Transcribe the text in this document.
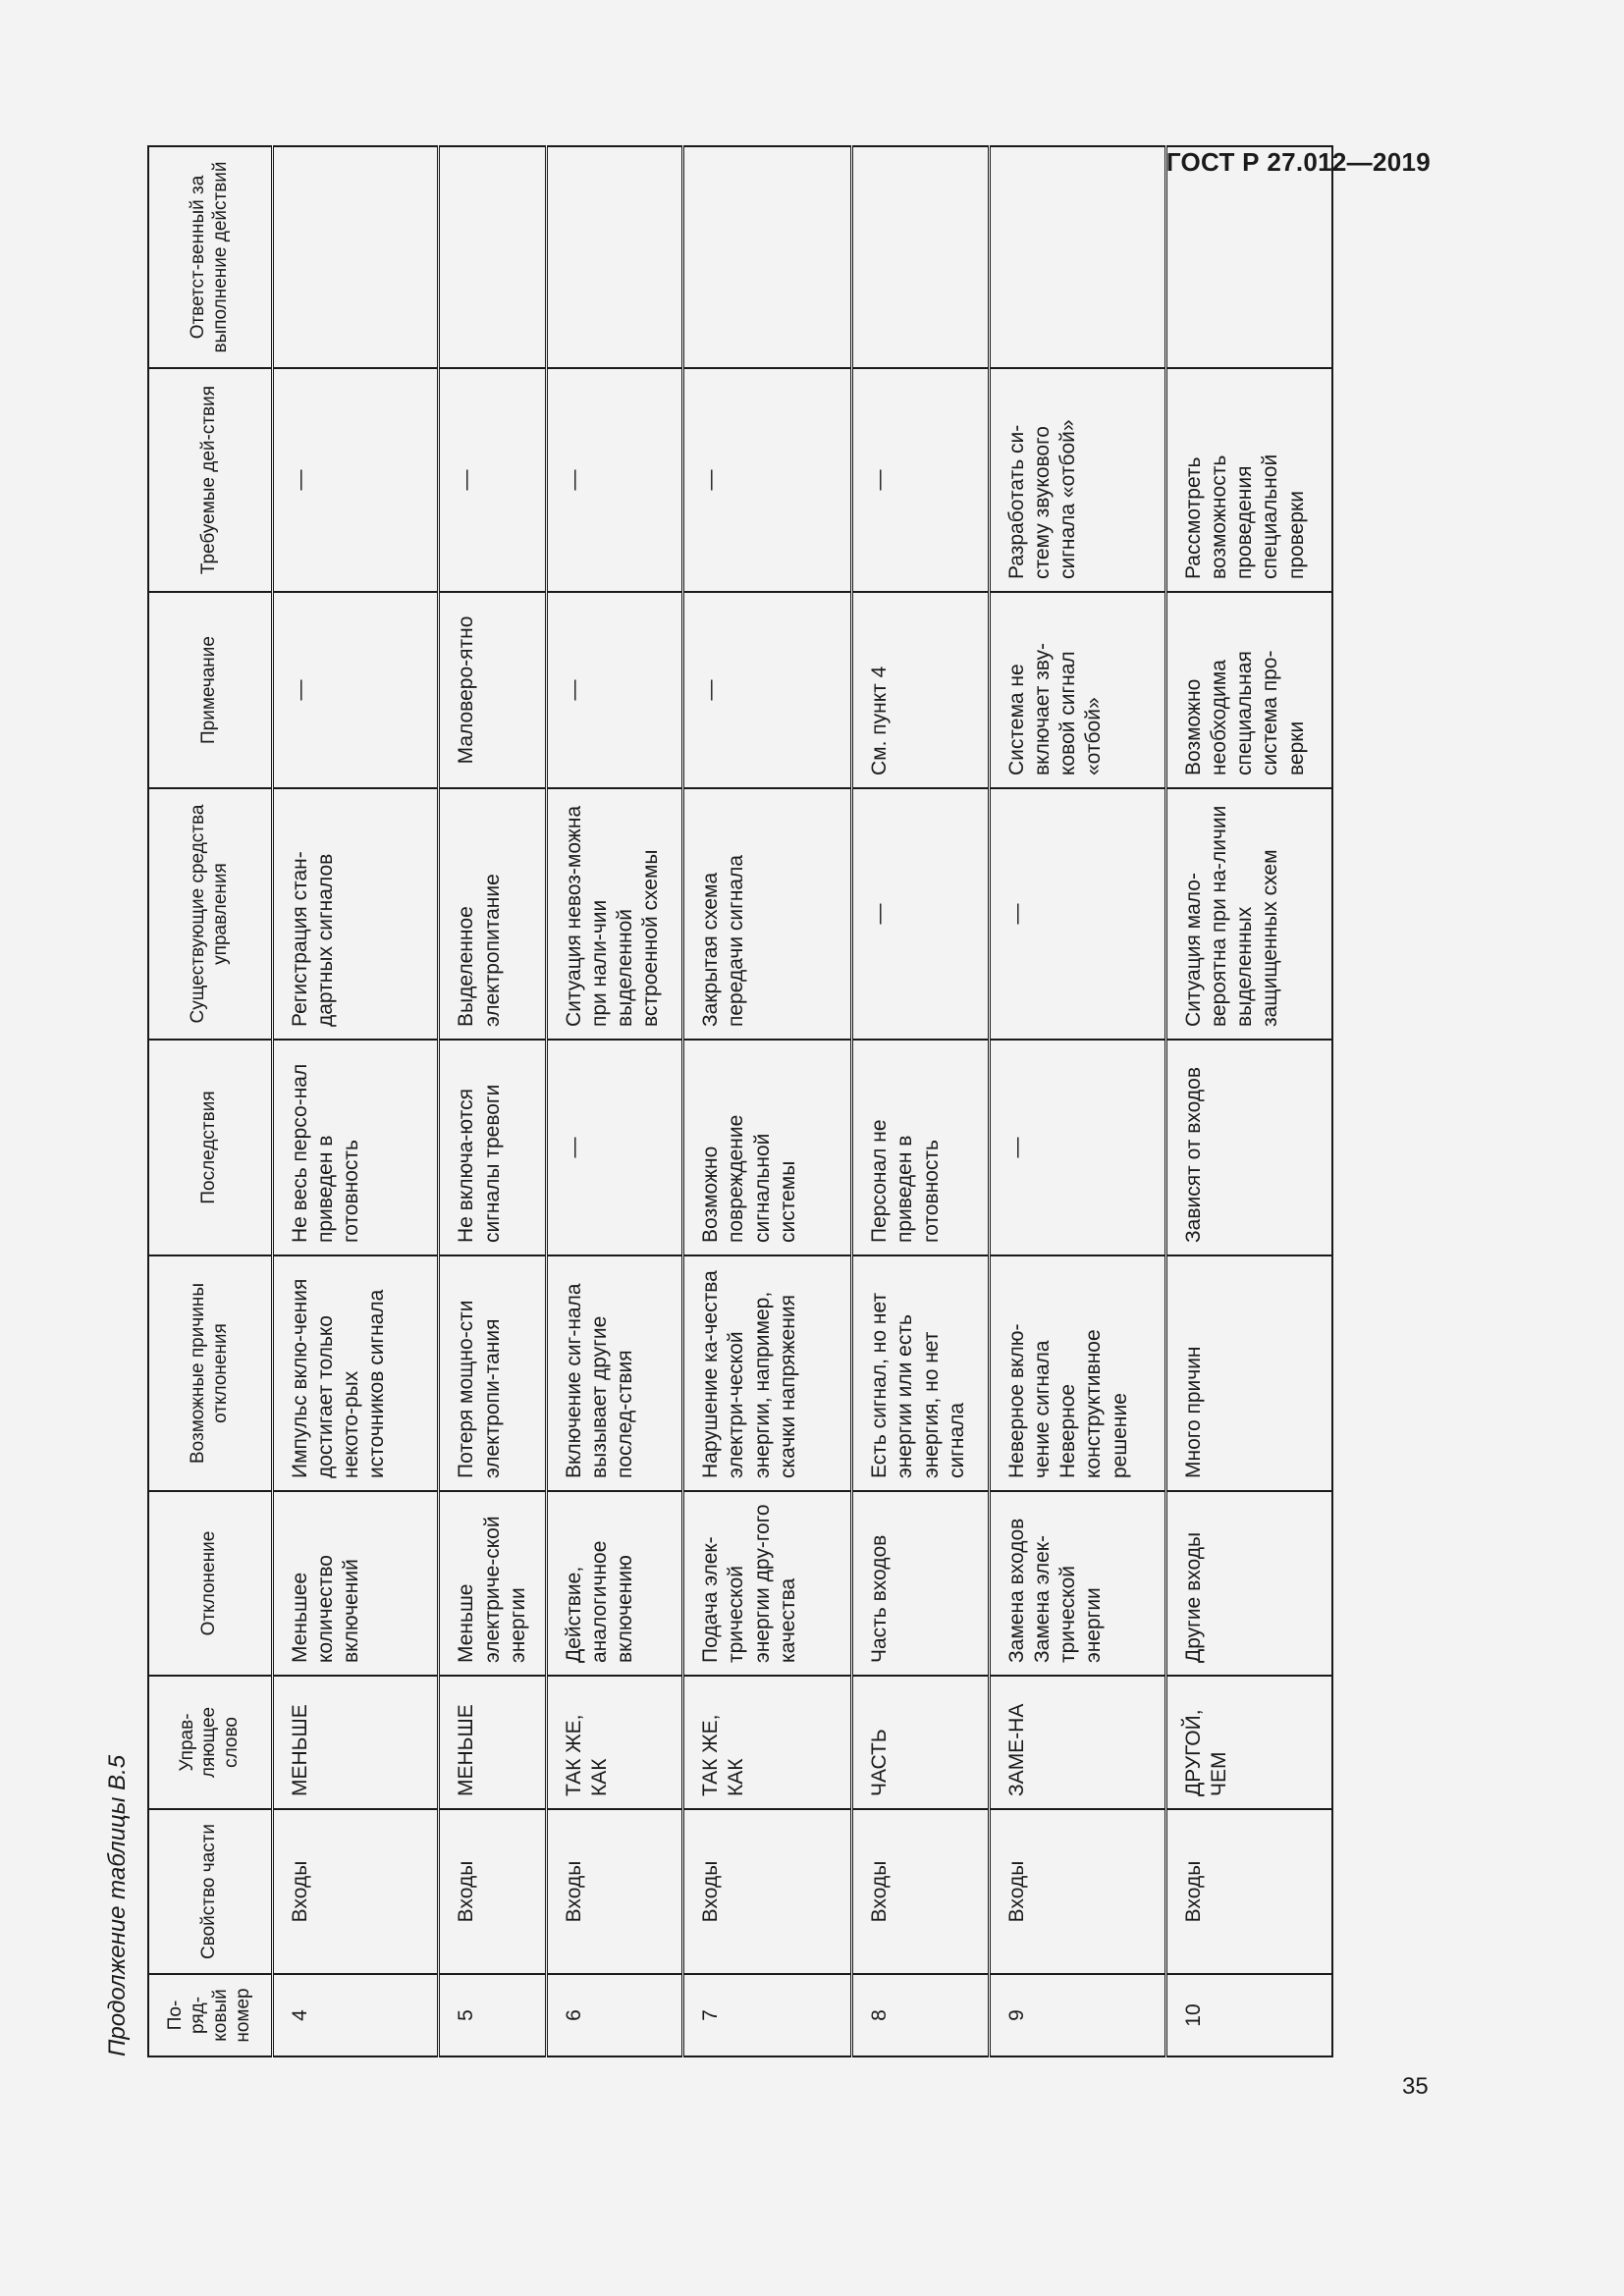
ГОСТ Р 27.012—2019
Продолжение таблицы В.5 По-ряд-ковый номер	Свойство части	Управ-ляющее слово	Отклонение	Возможные причины отклонения	Последствия	Существующие средства управления	Примечание	Требуемые дей-ствия	Ответст-венный за выполнение действий
4	Входы	МЕНЬШЕ	Меньшее количество включений	Импульс вклю-чения достигает только некото-рых источников сигнала	Не весь персо-нал приведен в готовность	Регистрация стан-дартных сигналов	—	—	
5	Входы	МЕНЬШЕ	Меньше электриче-ской энергии	Потеря мощно-сти электропи-тания	Не включа-ются сигналы тревоги	Выделенное электропитание	Маловеро-ятно	—	
6	Входы	ТАК ЖЕ, КАК	Действие, аналогичное включению	Включение сиг-нала вызывает другие послед-ствия	—	Ситуация невоз-можна при нали-чии выделенной встроенной схемы	—	—	
7	Входы	ТАК ЖЕ, КАК	Подача элек-трической энергии дру-гого качества	Нарушение ка-чества электри-ческой энергии, например, скачки напряжения	Возможно повреждение сигнальной системы	Закрытая схема передачи сигнала	—	—	
8	Входы	ЧАСТЬ	Часть входов	Есть сигнал, но нет энергии или есть энергия, но нет сигнала	Персонал не приведен в готовность	—	См. пункт 4	—	
9	Входы	ЗАМЕ-НА	Замена входов Замена элек-трической энергии	Неверное вклю-чение сигнала Неверное конструктивное решение	—	—	Система не включает зву-ковой сигнал «отбой»	Разработать си-стему звукового сигнала «отбой»	
10	Входы	ДРУГОЙ, ЧЕМ	Другие входы	Много причин	Зависят от входов	Ситуация мало-вероятна при на-личии выделенных защищенных схем	Возможно необходима специальная система про-верки	Рассмотреть возможность проведения специальной проверки	
35
